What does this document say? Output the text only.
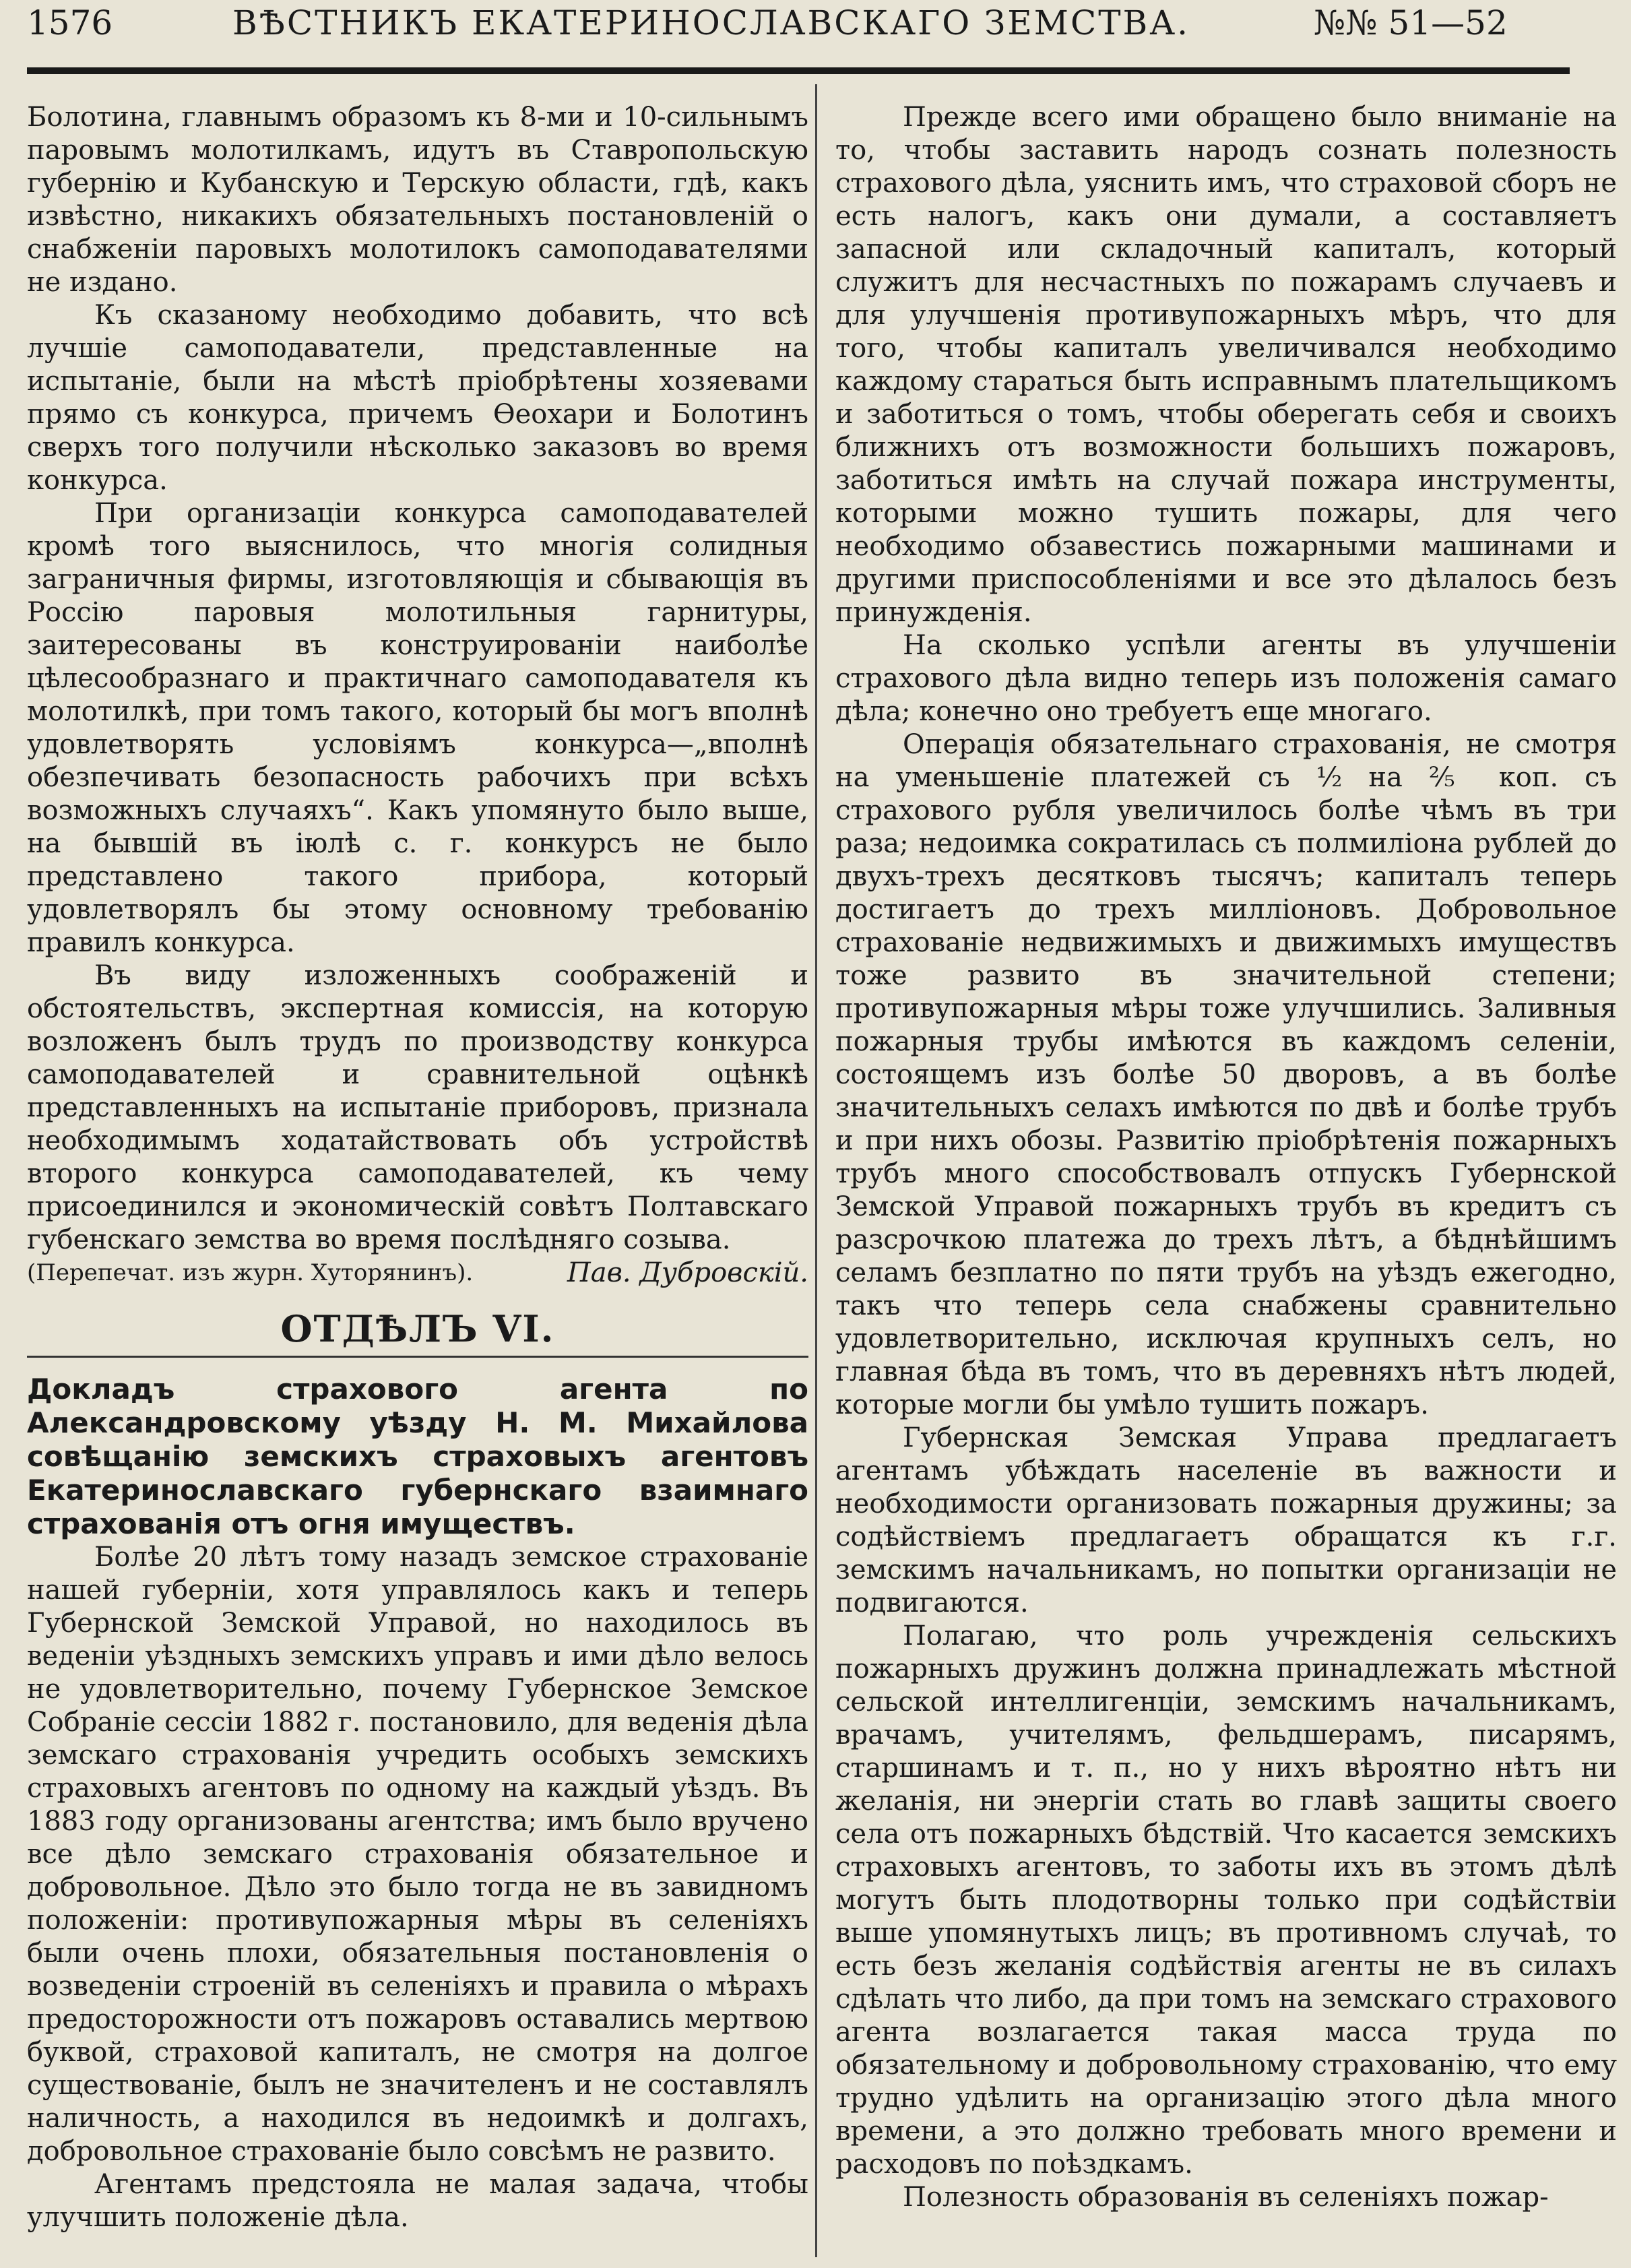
1576	ВѢСТНИКЪ ЕКАТЕРИНОСЛАВСКАГО ЗЕМСТВА.	№№ 51—52

Болотина, главнымъ образомъ къ 8-ми и 10-сильнымъ паровымъ молотилкамъ, идутъ въ Ставропольскую губернію и Кубанскую и Терскую области, гдѣ, какъ извѣстно, никакихъ обязательныхъ постановленій о снабженіи паровыхъ молотилокъ самоподавателями не издано.

Къ сказаному необходимо добавить, что всѣ лучшіе самоподаватели, представленные на испытаніе, были на мѣстѣ пріобрѣтены хозяевами прямо съ конкурса, причемъ Ѳеохари и Болотинъ сверхъ того получили нѣсколько заказовъ во время конкурса.

При организаціи конкурса самоподавателей кромѣ того выяснилось, что многія солидныя заграничныя фирмы, изготовляющія и сбывающія въ Россію паровыя молотильныя гарнитуры, заитересованы въ конструированіи наиболѣе цѣлесообразнаго и практичнаго самоподавателя къ молотилкѣ, при томъ такого, который бы могъ вполнѣ удовлетворять условіямъ конкурса—„вполнѣ обезпечивать безопасность рабочихъ при всѣхъ возможныхъ случаяхъ“. Какъ упомянуто было выше, на бывшій въ іюлѣ с. г. конкурсъ не было представлено такого прибора, который удовлетворялъ бы этому основному требованію правилъ конкурса.

Въ виду изложенныхъ соображеній и обстоятельствъ, экспертная комиссія, на которую возложенъ былъ трудъ по производству конкурса самоподавателей и сравнительной оцѣнкѣ представленныхъ на испытаніе приборовъ, признала необходимымъ ходатайствовать объ устройствѣ второго конкурса самоподавателей, къ чему присоединился и экономическій совѣтъ Полтавскаго губенскаго земства во время послѣдняго созыва.

(Перепечат. изъ журн. Хуторянинъ).	Пав. Дубровскій.
ОТДѢЛЪ VI.

Докладъ страхового агента по Александровскому уѣзду Н. М. Михайлова совѣщанію земскихъ страховыхъ агентовъ Екатеринославскаго губернскаго взаимнаго страхованія отъ огня имуществъ.

Болѣе 20 лѣтъ тому назадъ земское страхованіе нашей губерніи, хотя управлялось какъ и теперь Губернской Земской Управой, но находилось въ веденіи уѣздныхъ земскихъ управъ и ими дѣло велось не удовлетворительно, почему Губернское Земское Собраніе сессіи 1882 г. постановило, для веденія дѣла земскаго страхованія учредить особыхъ земскихъ страховыхъ агентовъ по одному на каждый уѣздъ. Въ 1883 году организованы агентства; имъ было вручено все дѣло земскаго страхованія обязательное и добровольное. Дѣло это было тогда не въ завидномъ положеніи: противупожарныя мѣры въ селеніяхъ были очень плохи, обязательныя постановленія о возведеніи строеній въ селеніяхъ и правила о мѣрахъ предосторожности отъ пожаровъ оставались мертвою буквой, страховой капиталъ, не смотря на долгое существованіе, былъ не значителенъ и не составлялъ наличность, а находился въ недоимкѣ и долгахъ, добровольное страхованіе было совсѣмъ не развито.

Агентамъ предстояла не малая задача, чтобы улучшить положеніе дѣла.

Прежде всего ими обращено было вниманіе на то, чтобы заставить народъ сознать полезность страхового дѣла, уяснить имъ, что страховой сборъ не есть налогъ, какъ они думали, а составляетъ запасной или складочный капиталъ, который служитъ для несчастныхъ по пожарамъ случаевъ и для улучшенія противупожарныхъ мѣръ, что для того, чтобы капиталъ увеличивался необходимо каждому стараться быть исправнымъ плательщикомъ и заботиться о томъ, чтобы оберегать себя и своихъ ближнихъ отъ возможности большихъ пожаровъ, заботиться имѣть на случай пожара инструменты, которыми можно тушить пожары, для чего необходимо обзавестись пожарными машинами и другими приспособленіями и все это дѣлалось безъ принужденія.

На сколько успѣли агенты въ улучшеніи страхового дѣла видно теперь изъ положенія самаго дѣла; конечно оно требуетъ еще многаго.

Операція обязательнаго страхованія, не смотря на уменьшеніе платежей съ ½ на ⅖ коп. съ страхового рубля увеличилось болѣе чѣмъ въ три раза; недоимка сократилась съ полмиліона рублей до двухъ-трехъ десятковъ тысячъ; капиталъ теперь достигаетъ до трехъ милліоновъ. Добровольное страхованіе недвижимыхъ и движимыхъ имуществъ тоже развито въ значительной степени; противупожарныя мѣры тоже улучшились. Заливныя пожарныя трубы имѣются въ каждомъ селеніи, состоящемъ изъ болѣе 50 дворовъ, а въ болѣе значительныхъ селахъ имѣются по двѣ и болѣе трубъ и при нихъ обозы. Развитію пріобрѣтенія пожарныхъ трубъ много способствовалъ отпускъ Губернской Земской Управой пожарныхъ трубъ въ кредитъ съ разсрочкою платежа до трехъ лѣтъ, а бѣднѣйшимъ селамъ безплатно по пяти трубъ на уѣздъ ежегодно, такъ что теперь села снабжены сравнительно удовлетворительно, исключая крупныхъ селъ, но главная бѣда въ томъ, что въ деревняхъ нѣтъ людей, которые могли бы умѣло тушить пожаръ.

Губернская Земская Управа предлагаетъ агентамъ убѣждать населеніе въ важности и необходимости организовать пожарныя дружины; за содѣйствіемъ предлагаетъ обращатся къ г.г. земскимъ начальникамъ, но попытки организаціи не подвигаются.

Полагаю, что роль учрежденія сельскихъ пожарныхъ дружинъ должна принадлежать мѣстной сельской интеллигенціи, земскимъ начальникамъ, врачамъ, учителямъ, фельдшерамъ, писарямъ, старшинамъ и т. п., но у нихъ вѣроятно нѣтъ ни желанія, ни энергіи стать во главѣ защиты своего села отъ пожарныхъ бѣдствій. Что касается земскихъ страховыхъ агентовъ, то заботы ихъ въ этомъ дѣлѣ могутъ быть плодотворны только при содѣйствіи выше упомянутыхъ лицъ; въ противномъ случаѣ, то есть безъ желанія содѣйствія агенты не въ силахъ сдѣлать что либо, да при томъ на земскаго страхового агента возлагается такая масса труда по обязательному и добровольному страхованію, что ему трудно удѣлить на организацію этого дѣла много времени, а это должно требовать много времени и расходовъ по поѣздкамъ.

Полезность образованія въ селеніяхъ пожар-
